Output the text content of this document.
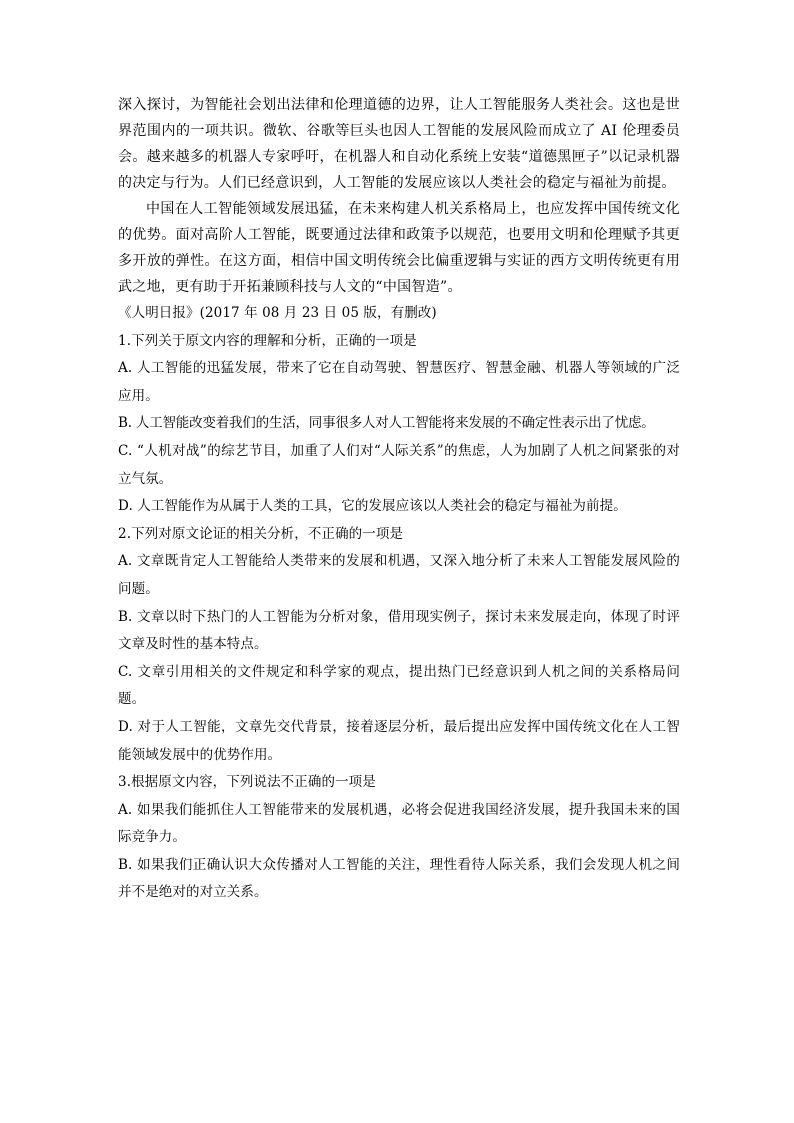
深入探讨，为智能社会划出法律和伦理道德的边界，让人工智能服务人类社会。这也是世界范围内的一项共识。微软、谷歌等巨头也因人工智能的发展风险而成立了 AI 伦理委员会。越来越多的机器人专家呼吁，在机器人和自动化系统上安装“道德黑匣子”以记录机器的决定与行为。人们已经意识到，人工智能的发展应该以人类社会的稳定与福祉为前提。

中国在人工智能领域发展迅猛，在未来构建人机关系格局上，也应发挥中国传统文化的优势。面对高阶人工智能，既要通过法律和政策予以规范，也要用文明和伦理赋予其更多开放的弹性。在这方面，相信中国文明传统会比偏重逻辑与实证的西方文明传统更有用武之地，更有助于开拓兼顾科技与人文的“中国智造”。

《人明日报》(2017 年 08 月 23 日 05 版，有删改)

1.下列关于原文内容的理解和分析，正确的一项是

A. 人工智能的迅猛发展，带来了它在自动驾驶、智慧医疗、智慧金融、机器人等领域的广泛应用。

B. 人工智能改变着我们的生活，同事很多人对人工智能将来发展的不确定性表示出了忧虑。

C. “人机对战”的综艺节目，加重了人们对“人际关系”的焦虑，人为加剧了人机之间紧张的对立气氛。

D. 人工智能作为从属于人类的工具，它的发展应该以人类社会的稳定与福祉为前提。

2.下列对原文论证的相关分析，不正确的一项是

A. 文章既肯定人工智能给人类带来的发展和机遇，又深入地分析了未来人工智能发展风险的问题。

B. 文章以时下热门的人工智能为分析对象，借用现实例子，探讨未来发展走向，体现了时评文章及时性的基本特点。

C. 文章引用相关的文件规定和科学家的观点，提出热门已经意识到人机之间的关系格局问题。

D. 对于人工智能，文章先交代背景，接着逐层分析，最后提出应发挥中国传统文化在人工智能领域发展中的优势作用。

3.根据原文内容，下列说法不正确的一项是

A. 如果我们能抓住人工智能带来的发展机遇，必将会促进我国经济发展，提升我国未来的国际竞争力。

B. 如果我们正确认识大众传播对人工智能的关注，理性看待人际关系，我们会发现人机之间并不是绝对的对立关系。
